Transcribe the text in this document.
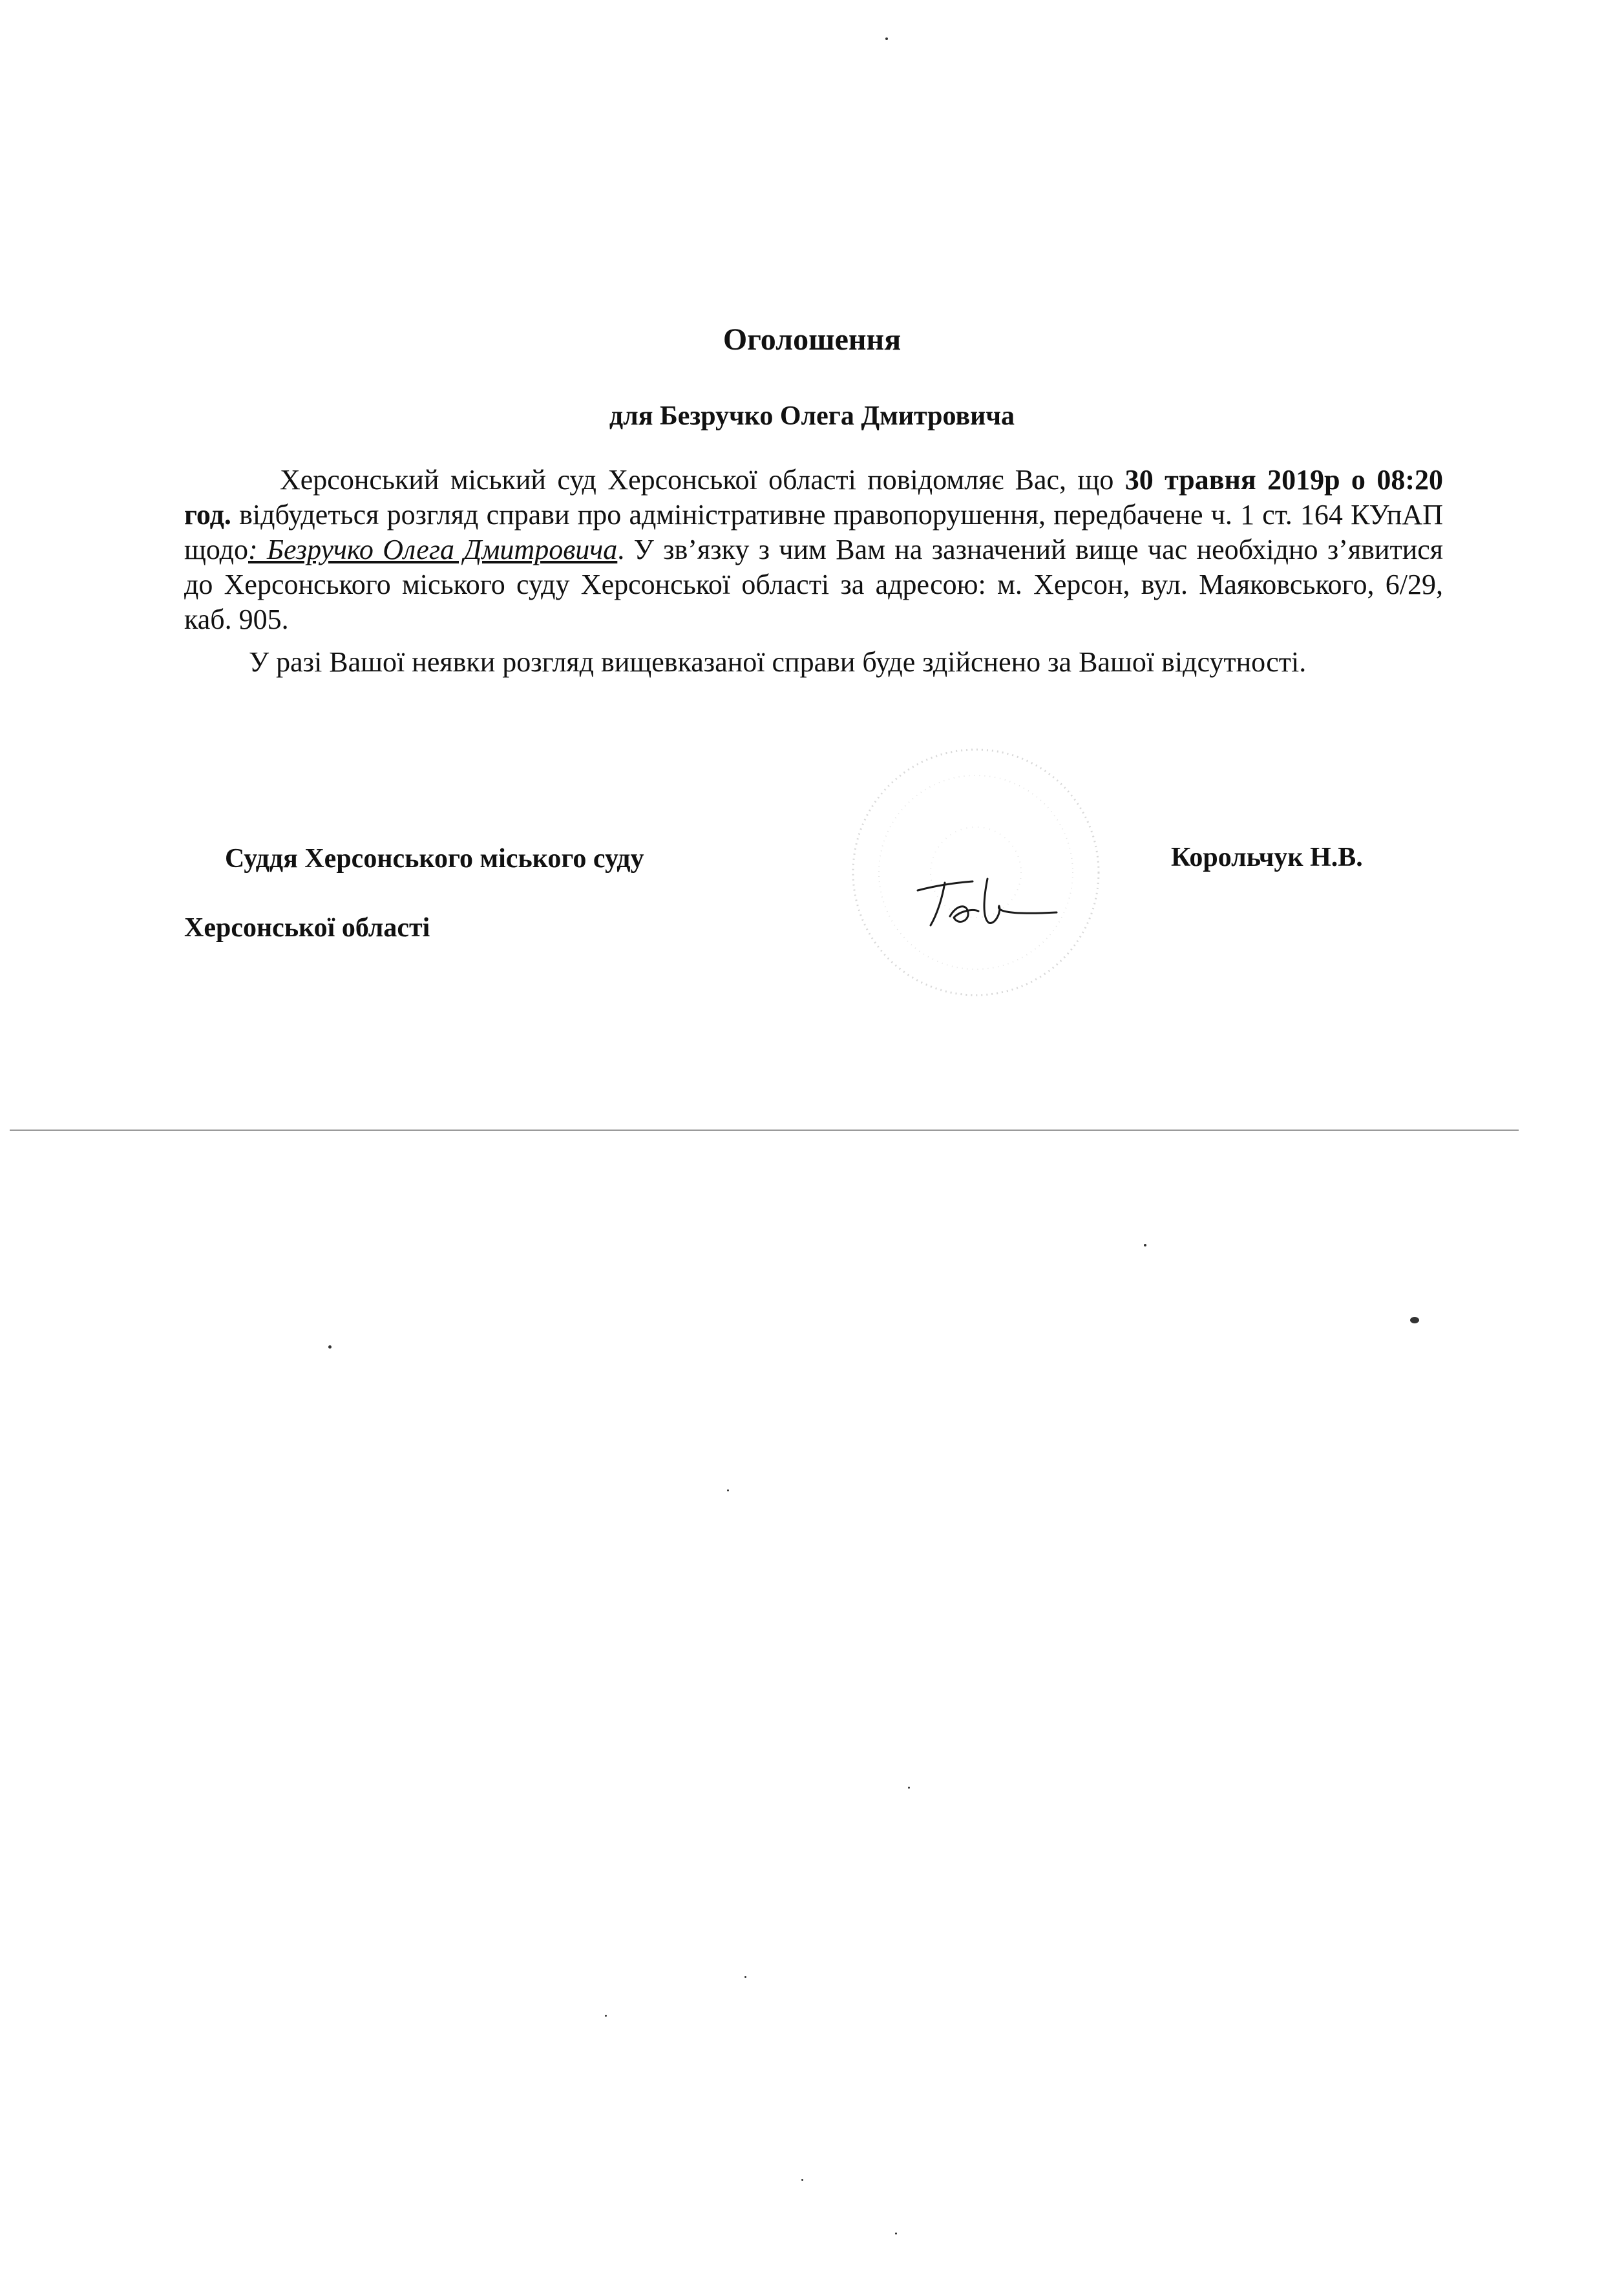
Оголошення
для Безручко Олега Дмитровича

Херсонський міський суд Херсонської області повідомляє Вас, що 30 травня 2019р о 08:20 год. відбудеться розгляд справи про адміністративне правопорушення, передбачене ч. 1 ст. 164 КУпАП щодо: Безручко Олега Дмитровича. У зв’язку з чим Вам на зазначений вище час необхідно з’явитися до Херсонського міського суду Херсонської області за адресою: м. Херсон, вул. Маяковського, 6/29, каб. 905.

У разі Вашої неявки розгляд вищевказаної справи буде здійснено за Вашої відсутності.

Суддя Херсонського міського суду
Херсонської області
Корольчук Н.В.
